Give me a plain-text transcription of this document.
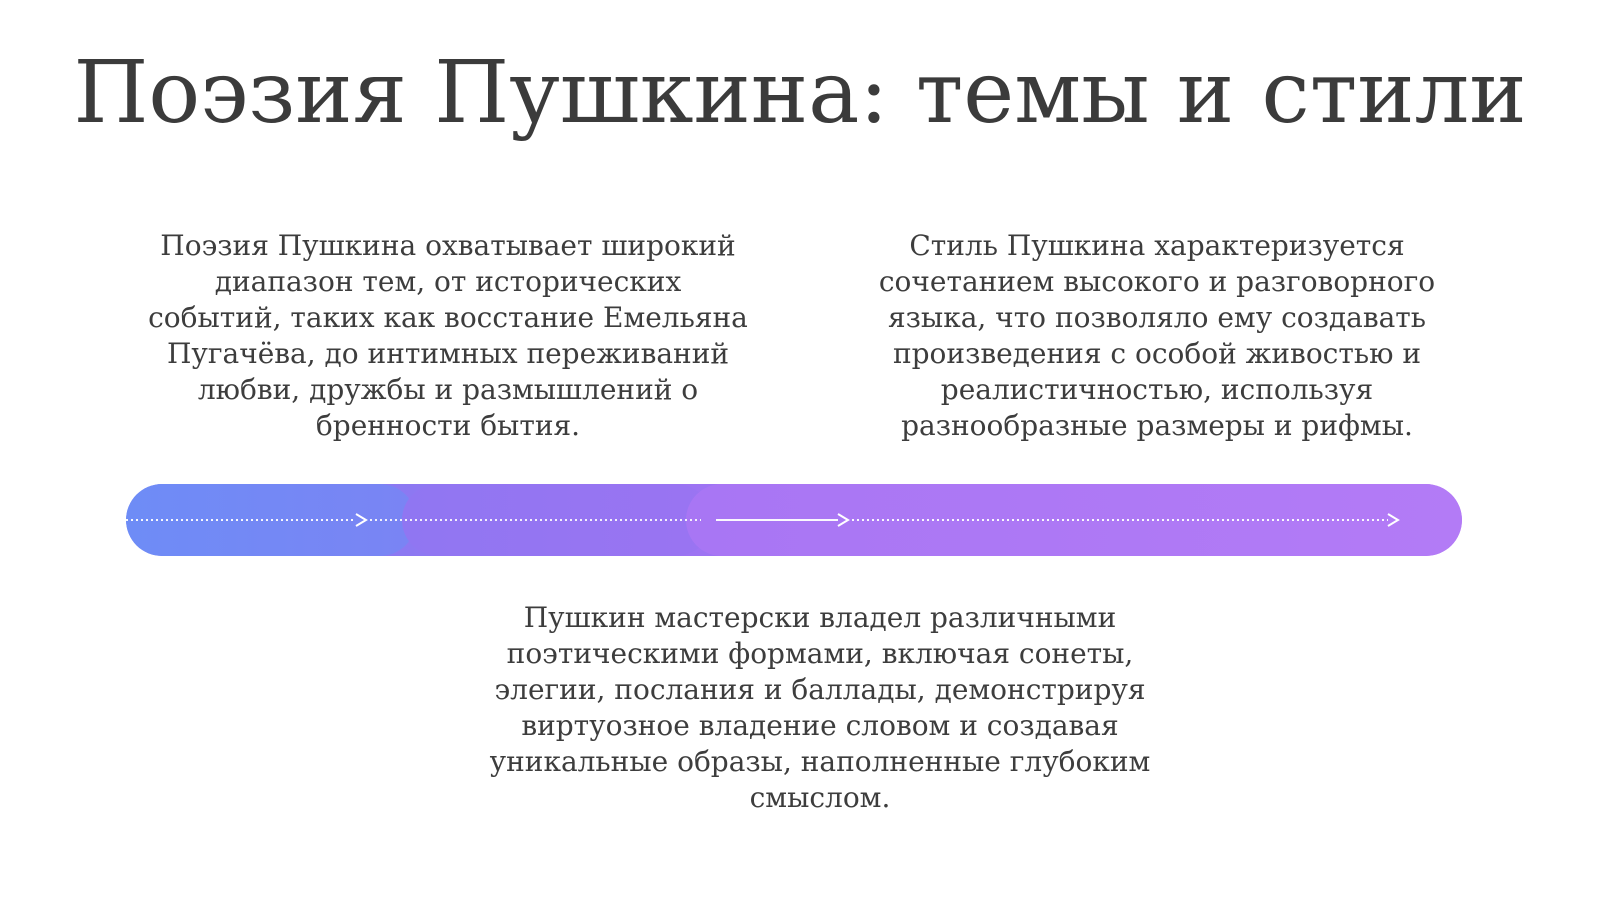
Поэзия Пушкина: темы и стили
Поэзия Пушкина охватывает широкий диапазон тем, от исторических событий, таких как восстание Емельяна Пугачёва, до интимных переживаний любви, дружбы и размышлений о бренности бытия.
Стиль Пушкина характеризуется сочетанием высокого и разговорного языка, что позволяло ему создавать произведения с особой живостью и реалистичностью, используя разнообразные размеры и рифмы.
Пушкин мастерски владел различными поэтическими формами, включая сонеты, элегии, послания и баллады, демонстрируя виртуозное владение словом и создавая уникальные образы, наполненные глубоким смыслом.
